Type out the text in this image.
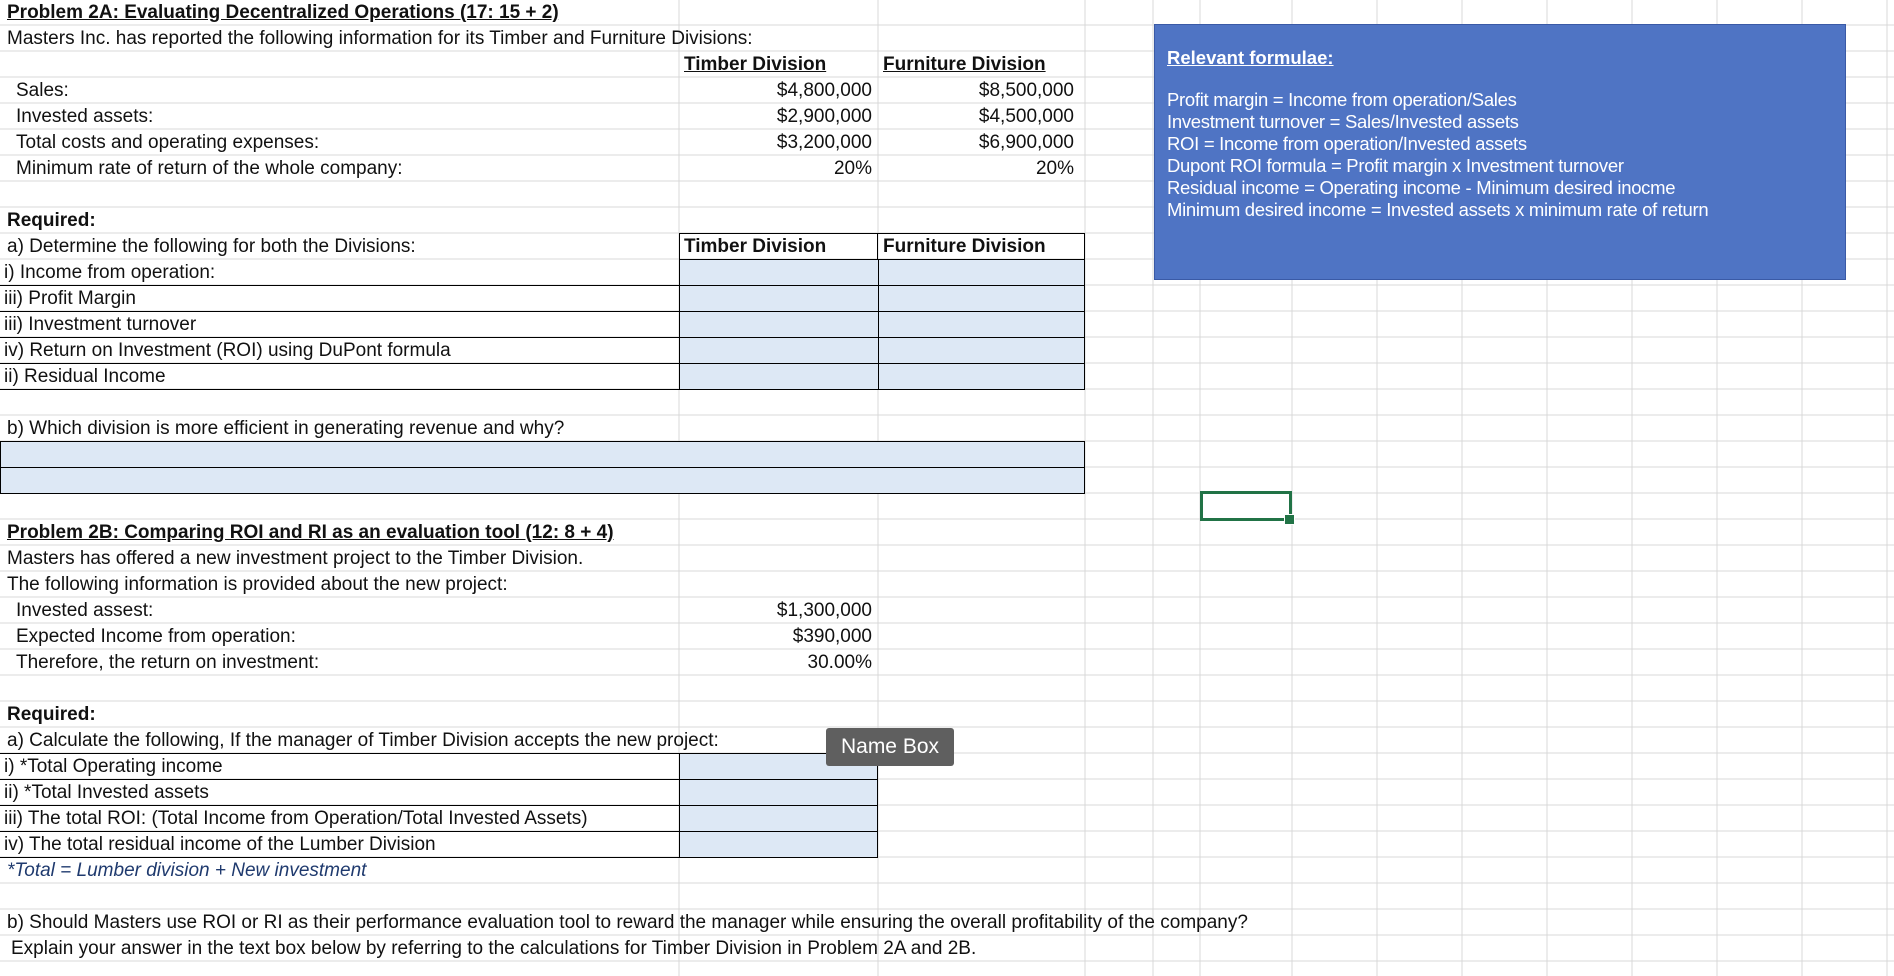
Problem 2A: Evaluating Decentralized Operations (17: 15 + 2)
Masters Inc. has reported the following information for its Timber and Furniture Divisions:
Timber Division	Furniture Division
Sales:	$4,800,000	$8,500,000
Invested assets:	$2,900,000	$4,500,000
Total costs and operating expenses:	$3,200,000	$6,900,000
Minimum rate of return of the whole company:	20%	20%
Required:
a) Determine the following for both the Divisions:	Timber Division	Furniture Division
i) Income from operation:
iii) Profit Margin
iii) Investment turnover
iv) Return on Investment (ROI) using DuPont formula
ii) Residual Income
b) Which division is more efficient in generating revenue and why?
Problem 2B: Comparing ROI and RI as an evaluation tool (12: 8 + 4)
Masters has offered a new investment project to the Timber Division.
The following information is provided about the new project:
Invested assest:	$1,300,000
Expected Income from operation:	$390,000
Therefore, the return on investment:	30.00%
Required:
a) Calculate the following, If the manager of Timber Division accepts the new project:
i) *Total Operating income
ii) *Total Invested assets
iii) The total ROI: (Total Income from Operation/Total Invested Assets)
iv) The total residual income of the Lumber Division
*Total = Lumber division + New investment
b) Should Masters use ROI or RI as their performance evaluation tool to reward the manager while ensuring the overall profitability of the company?
Explain your answer in the text box below by referring to the calculations for Timber Division in Problem 2A and 2B.
Relevant formulae:
Profit margin = Income from operation/Sales
Investment turnover = Sales/Invested assets
ROI = Income from operation/Invested assets
Dupont ROI formula = Profit margin x Investment turnover
Residual income = Operating income - Minimum desired inocme
Minimum desired income = Invested assets x minimum rate of return
Name Box
